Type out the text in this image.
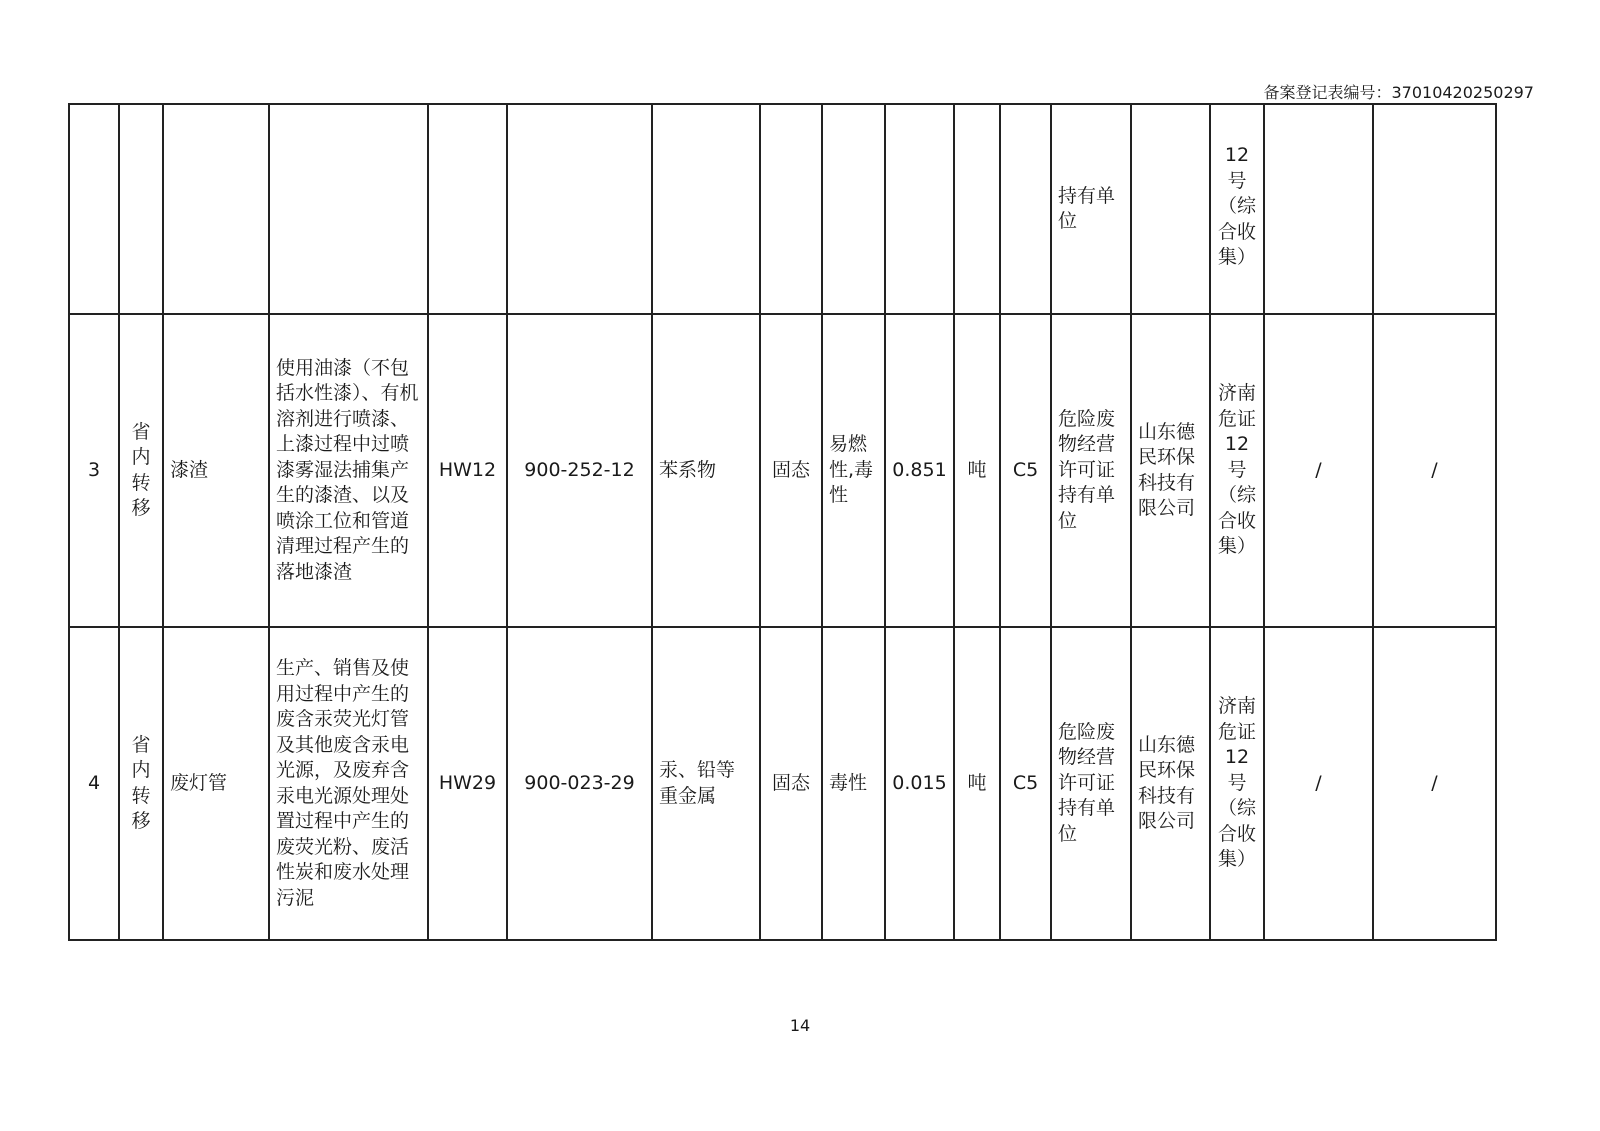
备案登记表编号：37010420250297
												持有单位		12号（综合收集）		

3	省内转移	漆渣	使用油漆（不包括水性漆）、有机溶剂进行喷漆、上漆过程中过喷漆雾湿法捕集产生的漆渣、以及喷涂工位和管道清理过程产生的落地漆渣	HW12	900-252-12	苯系物	固态	易燃性,毒性	0.851	吨	C5	危险废物经营许可证持有单位	山东德民环保科技有限公司	济南危证12号（综合收集）	/	/
4	省内转移	废灯管	生产、销售及使用过程中产生的废含汞荧光灯管及其他废含汞电光源，及废弃含汞电光源处理处置过程中产生的废荧光粉、废活性炭和废水处理污泥	HW29	900-023-29	汞、铅等重金属	固态	毒性	0.015	吨	C5	危险废物经营许可证持有单位	山东德民环保科技有限公司	济南危证12号（综合收集）	/	/
14
